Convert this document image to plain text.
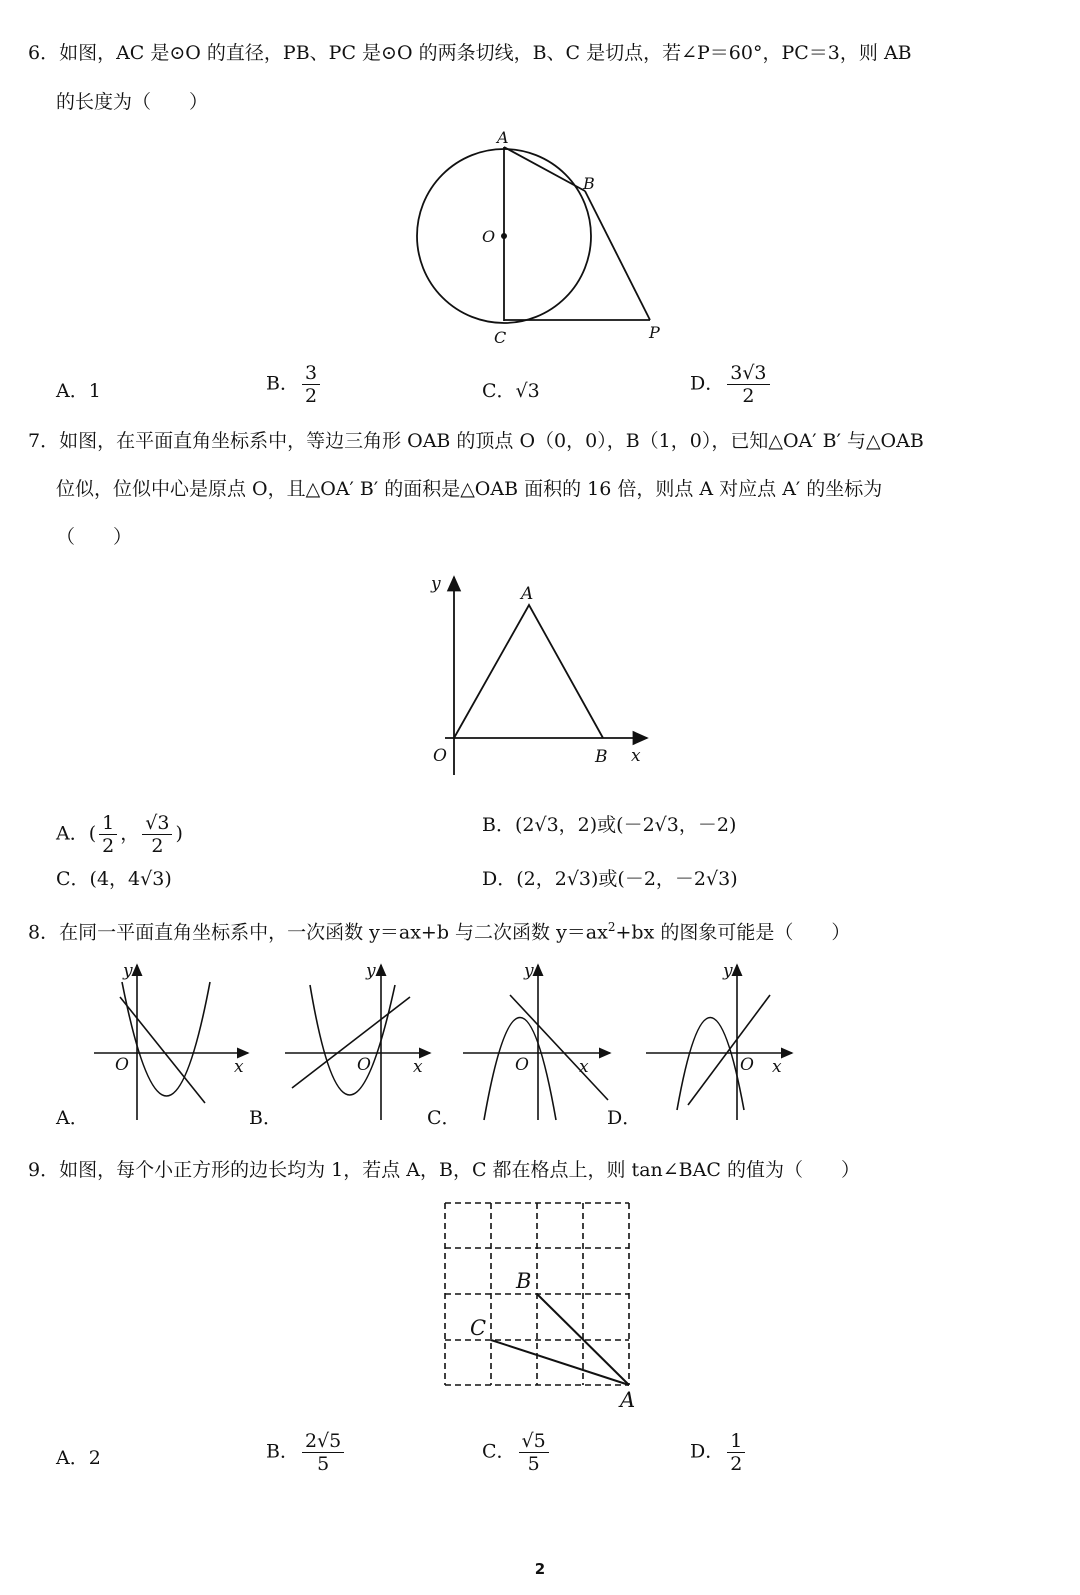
6．如图，AC 是⊙O 的直径，PB、PC 是⊙O 的两条切线，B、C 是切点，若∠P＝60°，PC＝3，则 AB
的长度为（　　）
A
B
O
C	P
A．1	B． $\frac{3}{2}$	C．√3	D． $\frac{3√3}{2}$
7．如图，在平面直角坐标系中，等边三角形 OAB 的顶点 O（0，0），B（1，0），已知△OA′ B′ 与△OAB
位似，位似中心是原点 O，且△OA′ B′ 的面积是△OAB 面积的 16 倍，则点 A 对应点 A′ 的坐标为
（　　）
y	A
O	B x
A．( $\frac{1}{2}$ ， $\frac{√3}{2}$ )	B．(2√3，2)或(－2√3，－2)
C．(4，4√3)	D．(2，2√3)或(－2，－2√3)
8．在同一平面直角坐标系中，一次函数 y＝ax+b 与二次函数 $y=ax^2+bx$ 的图象可能是（　　）
y
O	x
y
O x
y
O	x
y
O x
A．	B．	C．	D．
9．如图，每个小正方形的边长均为 1，若点 A，B，C 都在格点上，则 tan∠BAC 的值为（　　）
B
C
A
A．2	B． $\frac{2√5}{5}$	C． $\frac{√5}{5}$	D． $\frac{1}{2}$
2
